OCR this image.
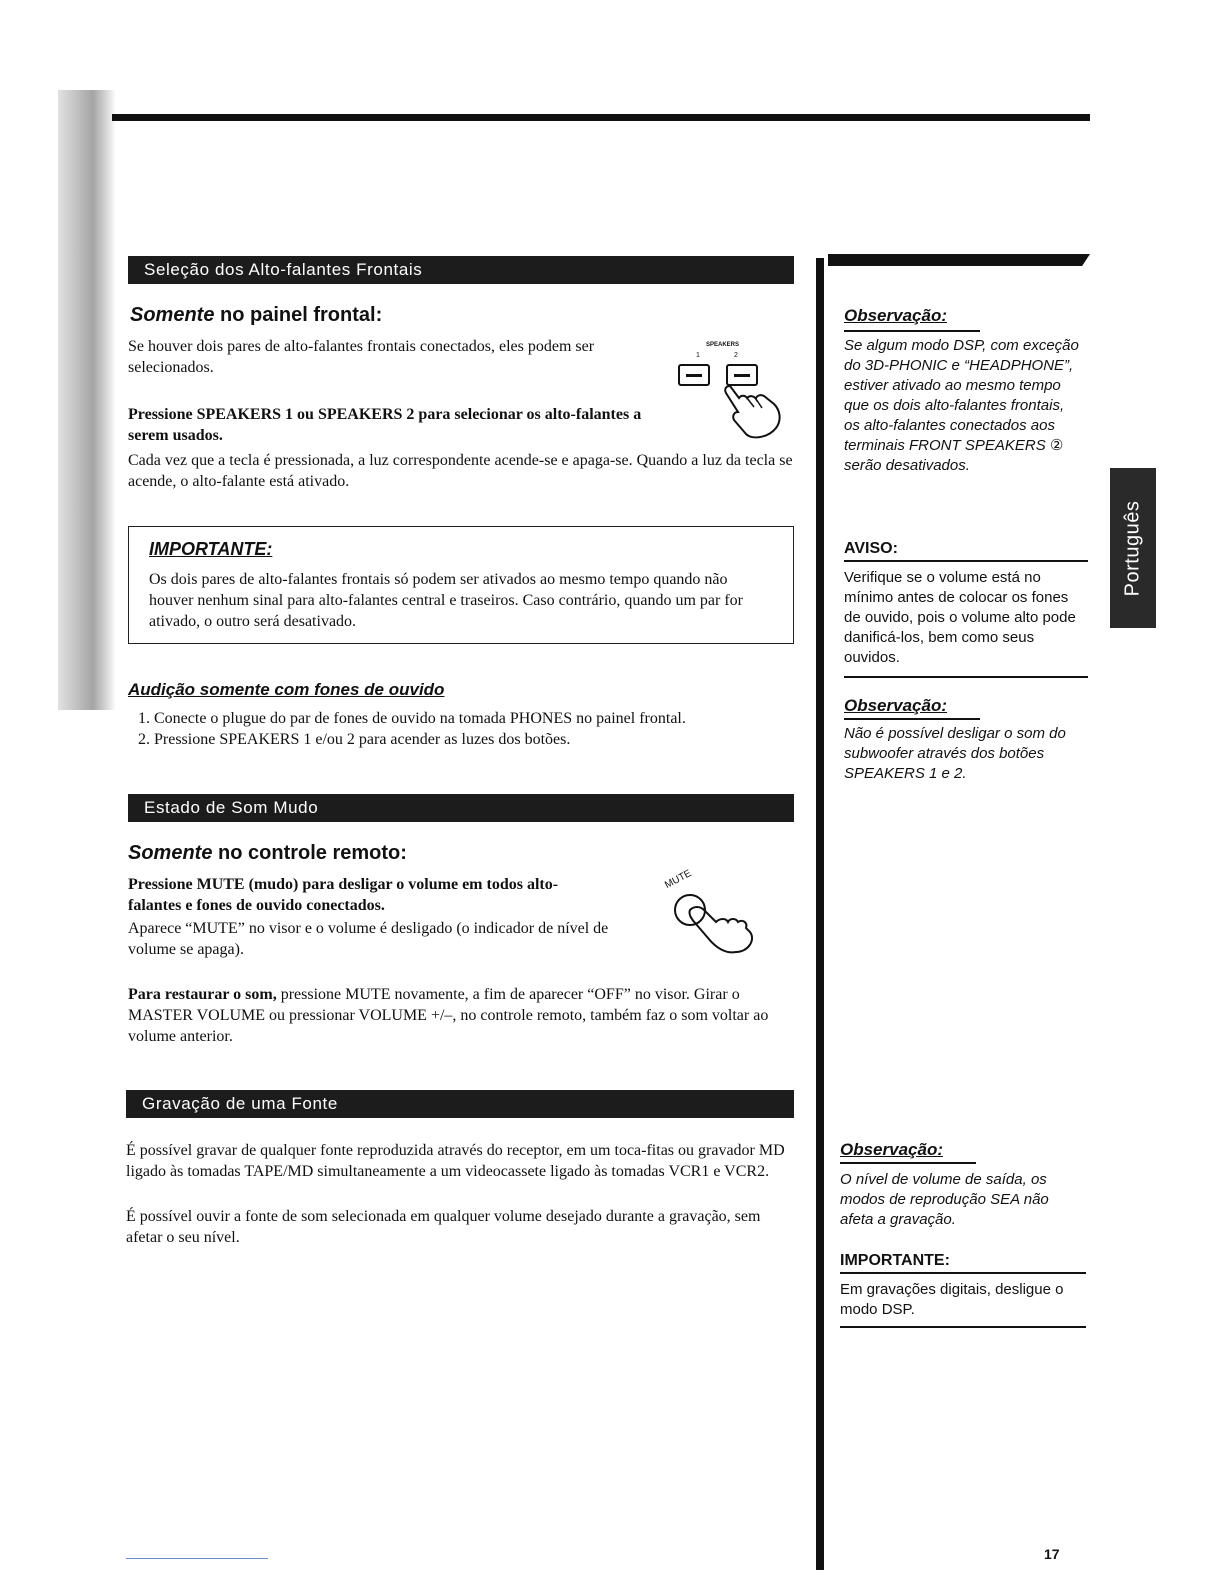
Português
Seleção dos Alto-falantes Frontais
Somente no painel frontal:

Se houver dois pares de alto-falantes frontais conectados, eles podem ser selecionados.

SPEAKERS
1	2

Pressione SPEAKERS 1 ou SPEAKERS 2 para selecionar os alto-falantes a serem usados.

Cada vez que a tecla é pressionada, a luz correspondente acende-se e apaga-se. Quando a luz da tecla se acende, o alto-falante está ativado.

IMPORTANTE:

Os dois pares de alto-falantes frontais só podem ser ativados ao mesmo tempo quando não houver nenhum sinal para alto-falantes central e traseiros. Caso contrário, quando um par for ativado, o outro será desativado.

Audição somente com fones de ouvido
1. Conecte o plugue do par de fones de ouvido na tomada PHONES no painel frontal.
2. Pressione SPEAKERS 1 e/ou 2 para acender as luzes dos botões.
Estado de Som Mudo
Somente no controle remoto:

Pressione MUTE (mudo) para desligar o volume em todos alto-falantes e fones de ouvido conectados.

Aparece “MUTE” no visor e o volume é desligado (o indicador de nível de volume se apaga).

MUTE

Para restaurar o som, pressione MUTE novamente, a fim de aparecer “OFF” no visor. Girar o MASTER VOLUME ou pressionar VOLUME +/–, no controle remoto, também faz o som voltar ao volume anterior.

Gravação de uma Fonte

É possível gravar de qualquer fonte reproduzida através do receptor, em um toca-fitas ou gravador MD ligado às tomadas TAPE/MD simultaneamente a um videocassete ligado às tomadas VCR1 e VCR2.

É possível ouvir a fonte de som selecionada em qualquer volume desejado durante a gravação, sem afetar o seu nível.

Observação:

Se algum modo DSP, com exceção do 3D-PHONIC e “HEADPHONE”, estiver ativado ao mesmo tempo que os dois alto-falantes frontais, os alto-falantes conectados aos terminais FRONT SPEAKERS ② serão desativados.

AVISO:

Verifique se o volume está no mínimo antes de colocar os fones de ouvido, pois o volume alto pode danificá-los, bem como seus ouvidos.

Observação:

Não é possível desligar o som do subwoofer através dos botões SPEAKERS 1 e 2.

Observação:

O nível de volume de saída, os modos de reprodução SEA não afeta a gravação.

IMPORTANTE:

Em gravações digitais, desligue o modo DSP.

17
